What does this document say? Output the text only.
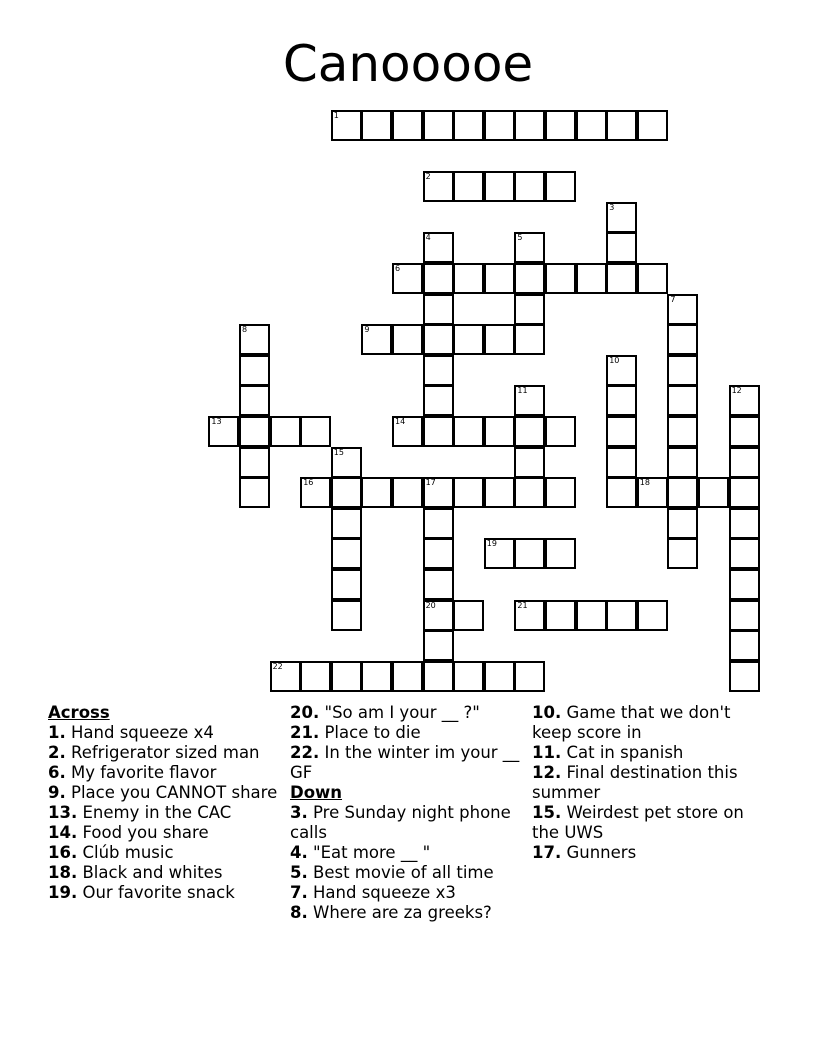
Canooooe
1
2
3
4	5
6
7
8	9
10
11	12
13	14
15
16	17
20
18
19
21
22
Across
1. Hand squeeze x4
2. Refrigerator sized man
6. My favorite flavor
9. Place you CANNOT share
13. Enemy in the CAC
14. Food you share
16. Clúb music
18. Black and whites
19. Our favorite snack
20. "So am I your __ ?"
21. Place to die
22. In the winter im your __ GF
Down
3. Pre Sunday night phone calls
4. "Eat more __ "
5. Best movie of all time
7. Hand squeeze x3
8. Where are za greeks?
10. Game that we don't keep score in
11. Cat in spanish
12. Final destination this summer
15. Weirdest pet store on the UWS
17. Gunners
